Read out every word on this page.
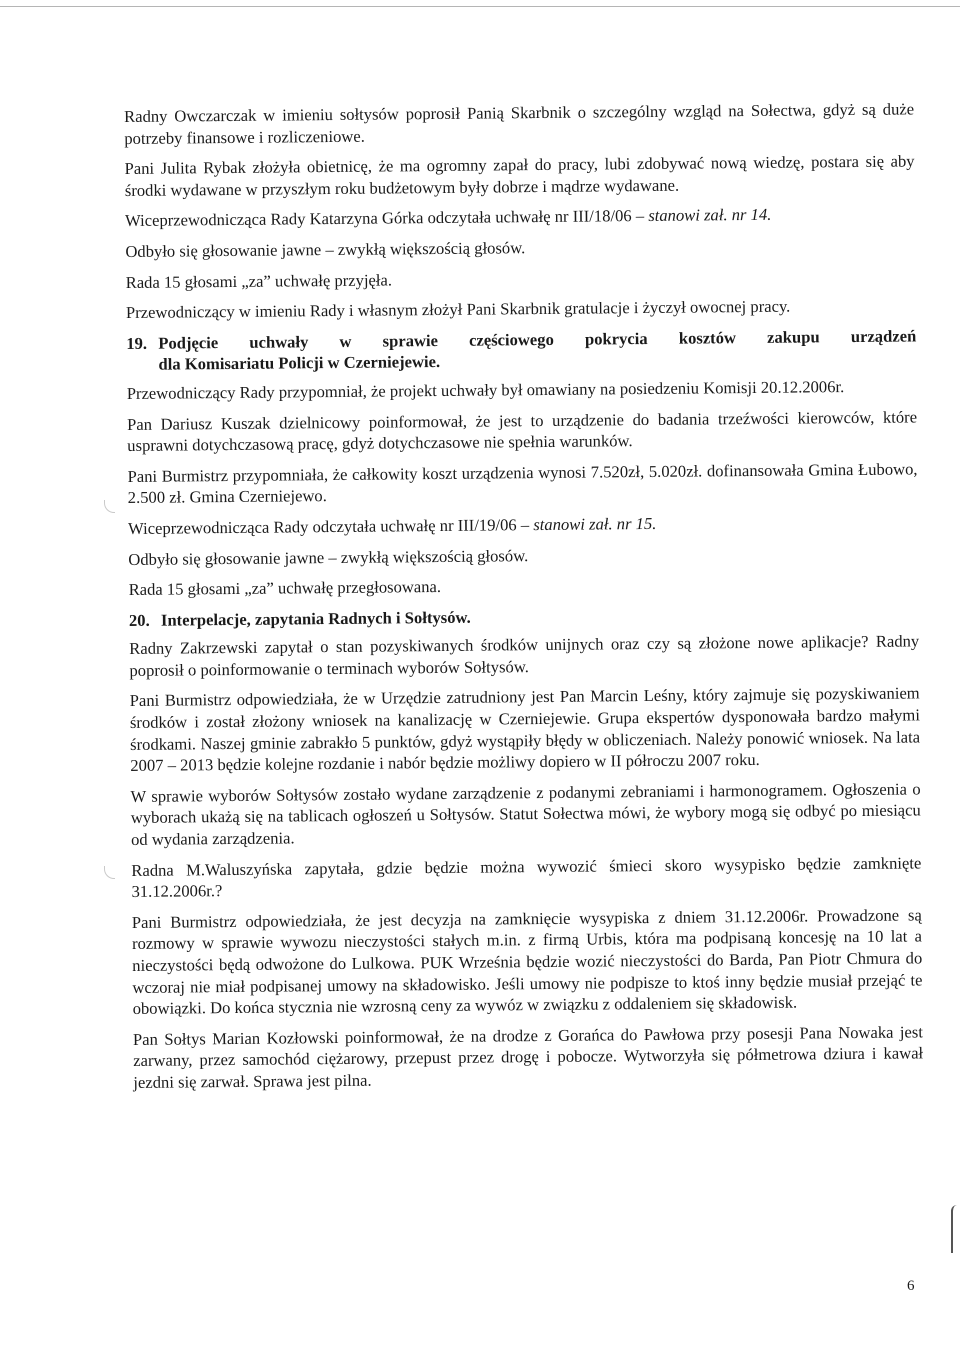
Radny Owczarczak w imieniu sołtysów poprosił Panią Skarbnik o szczególny wzgląd na Sołectwa, gdyż są duże potrzeby finansowe i rozliczeniowe.

Pani Julita Rybak złożyła obietnicę, że ma ogromny zapał do pracy, lubi zdobywać nową wiedzę, postara się aby środki wydawane w przyszłym roku budżetowym były dobrze i mądrze wydawane.

Wiceprzewodnicząca Rady Katarzyna Górka odczytała uchwałę nr III/18/06 – stanowi zał. nr 14.

Odbyło się głosowanie jawne – zwykłą większością głosów.

Rada 15 głosami „za” uchwałę przyjęła.

Przewodniczący w imieniu Rady i własnym złożył Pani Skarbnik gratulacje i życzył owocnej pracy.

19. Podjęcie uchwały w sprawie częściowego pokrycia kosztów zakupu urządzeń
dla Komisariatu Policji w Czerniejewie.

Przewodniczący Rady przypomniał, że projekt uchwały był omawiany na posiedzeniu Komisji 20.12.2006r.

Pan Dariusz Kuszak dzielnicowy poinformował, że jest to urządzenie do badania trzeźwości kierowców, które usprawni dotychczasową pracę, gdyż dotychczasowe nie spełnia warunków.

Pani Burmistrz przypomniała, że całkowity koszt urządzenia wynosi 7.520zł, 5.020zł. dofinansowała Gmina Łubowo, 2.500 zł. Gmina Czerniejewo.

Wiceprzewodnicząca Rady odczytała uchwałę nr III/19/06 – stanowi zał. nr 15.

Odbyło się głosowanie jawne – zwykłą większością głosów.

Rada 15 głosami „za” uchwałę przegłosowana.

20. Interpelacje, zapytania Radnych i Sołtysów.

Radny Zakrzewski zapytał o stan pozyskiwanych środków unijnych oraz czy są złożone nowe aplikacje? Radny poprosił o poinformowanie o terminach wyborów Sołtysów.

Pani Burmistrz odpowiedziała, że w Urzędzie zatrudniony jest Pan Marcin Leśny, który zajmuje się pozyskiwaniem środków i został złożony wniosek na kanalizację w Czerniejewie. Grupa ekspertów dysponowała bardzo małymi środkami. Naszej gminie zabrakło 5 punktów, gdyż wystąpiły błędy w obliczeniach. Należy ponowić wniosek. Na lata 2007 – 2013 będzie kolejne rozdanie i nabór będzie możliwy dopiero w II półroczu 2007 roku.

W sprawie wyborów Sołtysów zostało wydane zarządzenie z podanymi zebraniami i harmonogramem. Ogłoszenia o wyborach ukażą się na tablicach ogłoszeń u Sołtysów. Statut Sołectwa mówi, że wybory mogą się odbyć po miesiącu od wydania zarządzenia.

Radna M.Waluszyńska zapytała, gdzie będzie można wywozić śmieci skoro wysypisko będzie zamknięte 31.12.2006r.?

Pani Burmistrz odpowiedziała, że jest decyzja na zamknięcie wysypiska z dniem 31.12.2006r. Prowadzone są rozmowy w sprawie wywozu nieczystości stałych m.in. z firmą Urbis, która ma podpisaną koncesję na 10 lat a nieczystości będą odwożone do Lulkowa. PUK Września będzie wozić nieczystości do Barda, Pan Piotr Chmura do wczoraj nie miał podpisanej umowy na składowisko. Jeśli umowy nie podpisze to ktoś inny będzie musiał przejąć te obowiązki. Do końca stycznia nie wzrosną ceny za wywóz w związku z oddaleniem się składowisk.

Pan Sołtys Marian Kozłowski poinformował, że na drodze z Gorańca do Pawłowa przy posesji Pana Nowaka jest zarwany, przez samochód ciężarowy, przepust przez drogę i pobocze. Wytworzyła się półmetrowa dziura i kawał jezdni się zarwał. Sprawa jest pilna.

6
